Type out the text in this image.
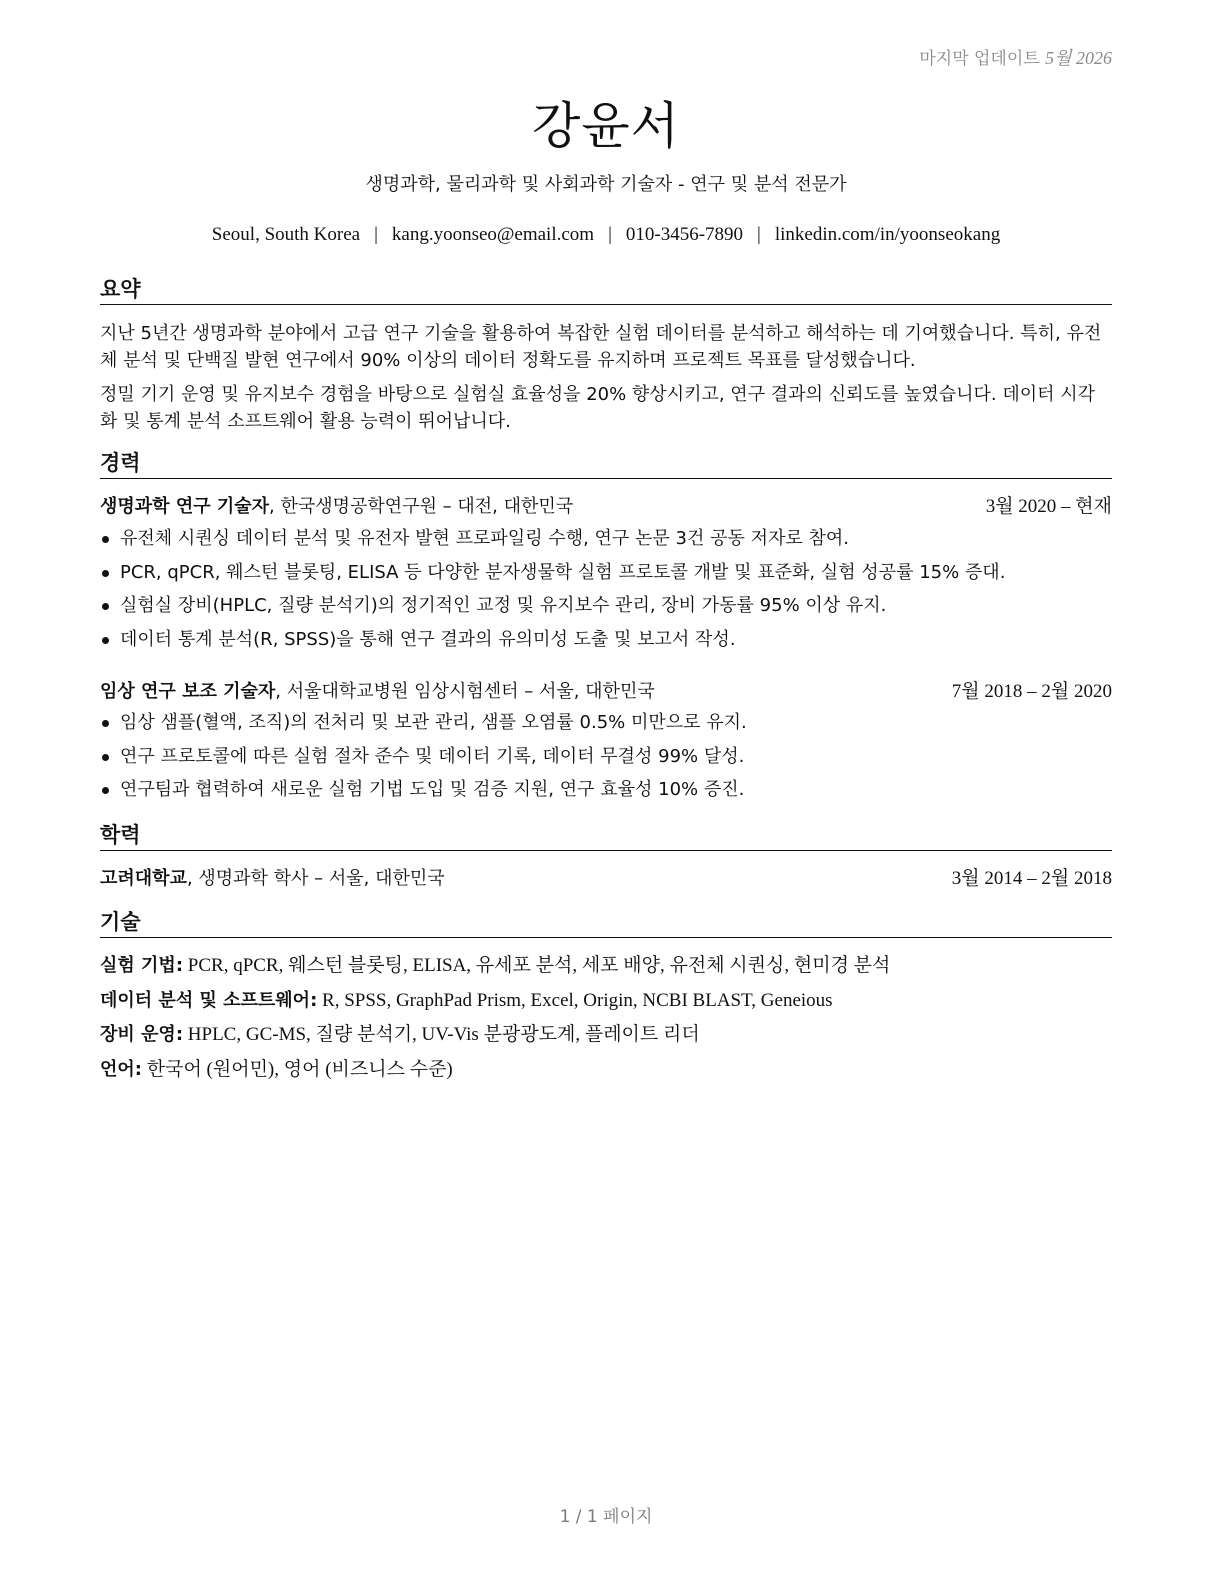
마지막 업데이트 5월 2026
강윤서
생명과학, 물리과학 및 사회과학 기술자 - 연구 및 분석 전문가
Seoul, South Korea | kang.yoonseo@email.com | 010-3456-7890 | linkedin.com/in/yoonseokang
요약
지난 5년간 생명과학 분야에서 고급 연구 기술을 활용하여 복잡한 실험 데이터를 분석하고 해석하는 데 기여했습니다. 특히, 유전체 분석 및 단백질 발현 연구에서 90% 이상의 데이터 정확도를 유지하며 프로젝트 목표를 달성했습니다.
정밀 기기 운영 및 유지보수 경험을 바탕으로 실험실 효율성을 20% 향상시키고, 연구 결과의 신뢰도를 높였습니다. 데이터 시각화 및 통계 분석 소프트웨어 활용 능력이 뛰어납니다.
경력
생명과학 연구 기술자, 한국생명공학연구원 – 대전, 대한민국	3월 2020 – 현재
유전체 시퀀싱 데이터 분석 및 유전자 발현 프로파일링 수행, 연구 논문 3건 공동 저자로 참여.
PCR, qPCR, 웨스턴 블롯팅, ELISA 등 다양한 분자생물학 실험 프로토콜 개발 및 표준화, 실험 성공률 15% 증대.
실험실 장비(HPLC, 질량 분석기)의 정기적인 교정 및 유지보수 관리, 장비 가동률 95% 이상 유지.
데이터 통계 분석(R, SPSS)을 통해 연구 결과의 유의미성 도출 및 보고서 작성.
임상 연구 보조 기술자, 서울대학교병원 임상시험센터 – 서울, 대한민국	7월 2018 – 2월 2020
임상 샘플(혈액, 조직)의 전처리 및 보관 관리, 샘플 오염률 0.5% 미만으로 유지.
연구 프로토콜에 따른 실험 절차 준수 및 데이터 기록, 데이터 무결성 99% 달성.
연구팀과 협력하여 새로운 실험 기법 도입 및 검증 지원, 연구 효율성 10% 증진.
학력
고려대학교, 생명과학 학사 – 서울, 대한민국	3월 2014 – 2월 2018
기술
실험 기법: PCR, qPCR, 웨스턴 블롯팅, ELISA, 유세포 분석, 세포 배양, 유전체 시퀀싱, 현미경 분석
데이터 분석 및 소프트웨어: R, SPSS, GraphPad Prism, Excel, Origin, NCBI BLAST, Geneious
장비 운영: HPLC, GC-MS, 질량 분석기, UV-Vis 분광광도계, 플레이트 리더
언어: 한국어 (원어민), 영어 (비즈니스 수준)
1 / 1 페이지
